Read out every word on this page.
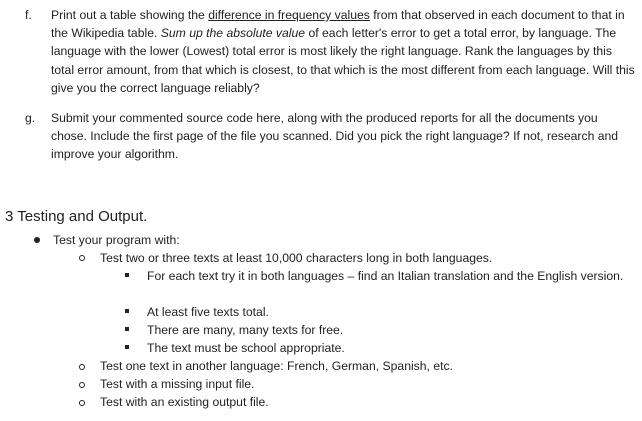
f. Print out a table showing the difference in frequency values from that observed in each document to that in the Wikipedia table. Sum up the absolute value of each letter's error to get a total error, by language. The language with the lower (Lowest) total error is most likely the right language. Rank the languages by this total error amount, from that which is closest, to that which is the most different from each language. Will this give you the correct language reliably?
g. Submit your commented source code here, along with the produced reports for all the documents you chose. Include the first page of the file you scanned. Did you pick the right language? If not, research and improve your algorithm.
3 Testing and Output.
Test your program with:
Test two or three texts at least 10,000 characters long in both languages.
For each text try it in both languages – find an Italian translation and the English version.
At least five texts total.
There are many, many texts for free.
The text must be school appropriate.
Test one text in another language: French, German, Spanish, etc.
Test with a missing input file.
Test with an existing output file.
